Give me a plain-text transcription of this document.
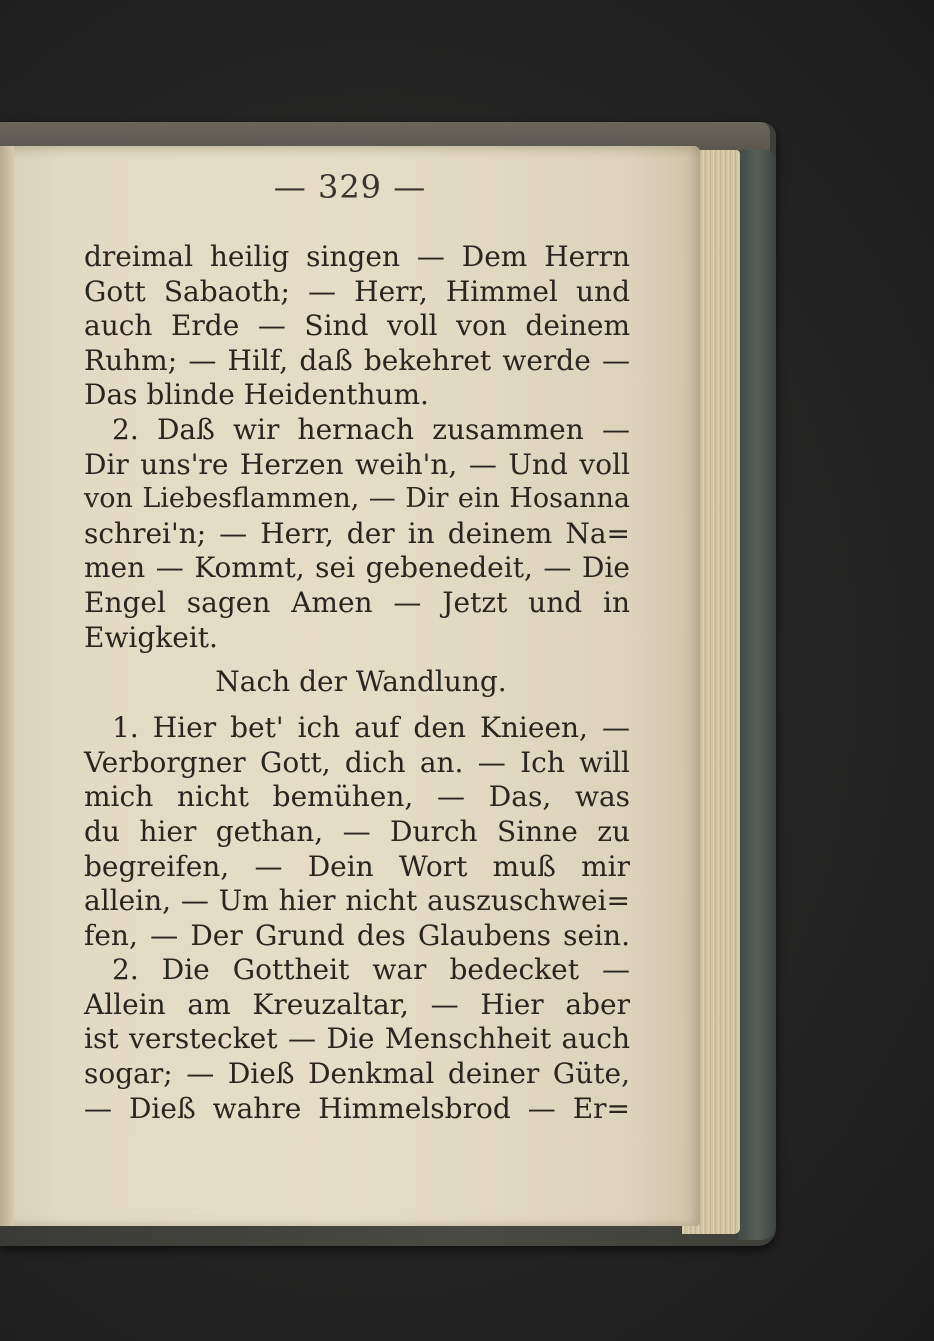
— 329 —
dreimal heilig singen — Dem Herrn
Gott Sabaoth; — Herr, Himmel und
auch Erde — Sind voll von deinem
Ruhm; — Hilf, daß bekehret werde —
Das blinde Heidenthum.
2. Daß wir hernach zusammen —
Dir uns're Herzen weih'n, — Und voll
von Liebesflammen, — Dir ein Hosanna
schrei'n; — Herr, der in deinem Na=
men — Kommt, sei gebenedeit, — Die
Engel sagen Amen — Jetzt und in
Ewigkeit.
Nach der Wandlung.
1. Hier bet' ich auf den Knieen, —
Verborgner Gott, dich an. — Ich will
mich nicht bemühen, — Das, was
du hier gethan, — Durch Sinne zu
begreifen, — Dein Wort muß mir
allein, — Um hier nicht auszuschwei=
fen, — Der Grund des Glaubens sein.
2. Die Gottheit war bedecket —
Allein am Kreuzaltar, — Hier aber
ist verstecket — Die Menschheit auch
sogar; — Dieß Denkmal deiner Güte,
— Dieß wahre Himmelsbrod — Er=
